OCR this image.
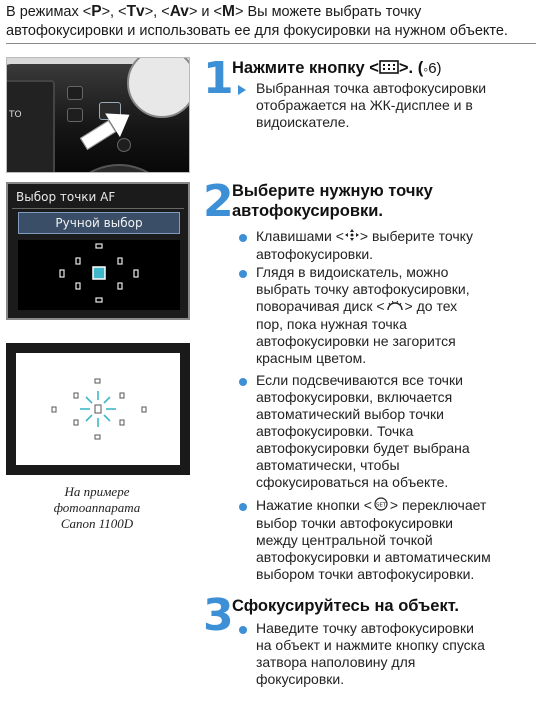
В режимах <P>, <Tv>, <Av> и <M> Вы можете выбрать точку
автофокусировки и использовать ее для фокусировки на нужном объекте.
TO
Выбор точки AF
Ручной выбор
На примере
фотоаппарата
Canon 1100D
1
Нажмите кнопку < >. (◦6)
Выбранная точка автофокусировки
отображается на ЖК-дисплее и в
видоискателе.
2
Выберите нужную точку
автофокусировки.
Клавишами < > выберите точку
автофокусировки.
Глядя в видоискатель, можно
выбрать точку автофокусировки,
поворачивая диск < > до тех
пор, пока нужная точка
автофокусировки не загорится
красным цветом.
Если подсвечиваются все точки
автофокусировки, включается
автоматический выбор точки
автофокусировки. Точка
автофокусировки будет выбрана
автоматически, чтобы
сфокусироваться на объекте.
Нажатие кнопки < SET > переключает
выбор точки автофокусировки
между центральной точкой
автофокусировки и автоматическим
выбором точки автофокусировки.
3
Сфокусируйтесь на объект.
Наведите точку автофокусировки
на объект и нажмите кнопку спуска
затвора наполовину для
фокусировки.
